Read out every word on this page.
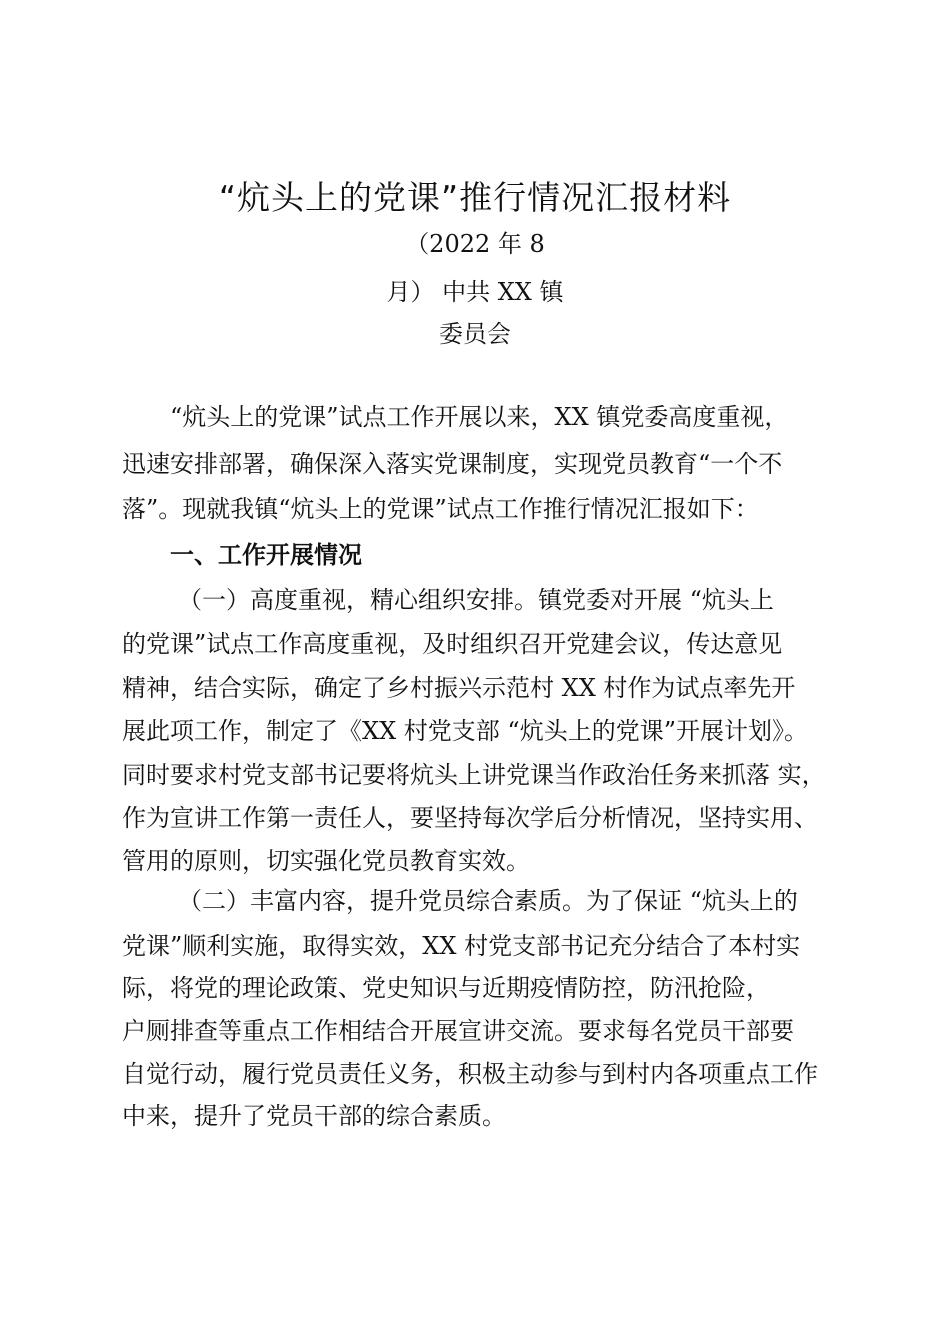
“炕头上的党课”推行情况汇报材料
（2022 年 8
月） 中共 XX 镇
委员会
“炕头上的党课”试点工作开展以来，XX 镇党委高度重视，
迅速安排部署，确保深入落实党课制度，实现党员教育“一个不
落”。现就我镇“炕头上的党课”试点工作推行情况汇报如下：
一、工作开展情况
（一）高度重视，精心组织安排。镇党委对开展 “炕头上
的党课”试点工作高度重视，及时组织召开党建会议，传达意见
精神，结合实际，确定了乡村振兴示范村 XX 村作为试点率先开
展此项工作，制定了《XX 村党支部 “炕头上的党课”开展计划》。
同时要求村党支部书记要将炕头上讲党课当作政治任务来抓落 实，
作为宣讲工作第一责任人，要坚持每次学后分析情况，坚持实用、
管用的原则，切实强化党员教育实效。
（二）丰富内容，提升党员综合素质。为了保证 “炕头上的
党课”顺利实施，取得实效，XX 村党支部书记充分结合了本村实
际，将党的理论政策、党史知识与近期疫情防控，防汛抢险，
户厕排查等重点工作相结合开展宣讲交流。要求每名党员干部要
自觉行动，履行党员责任义务，积极主动参与到村内各项重点工作
中来，提升了党员干部的综合素质。
